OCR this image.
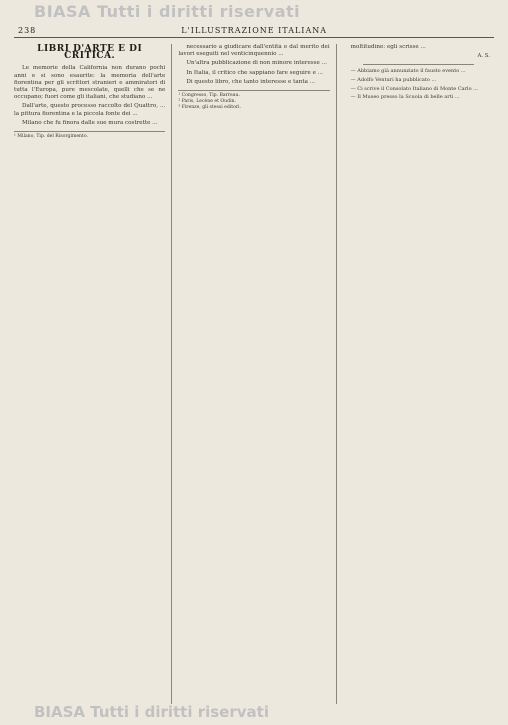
BIASA Tutti i diritti riservati
238	L'ILLUSTRAZIONE ITALIANA
LIBRI D'ARTE E DI CRITICA.

Le memorie della California non durano pochi anni e si sono esaurite: la memoria dell'arte fiorentina per gli scrittori stranieri e ammiratori di tutta l'Europa, pure mescolate, quelli che se ne occupano; fuori come gli italiani, che studiano ...

Dall'arte, questo processo raccolto del Quattro, ... la pittura fiorentina e la piccola fonte dei ...

Milano che fu finora dalle sue mura costrette ...

¹ Milano, Tip. del Risorgimento.

necessario a giudicare dall'entità e dal merito dei lavori eseguiti nel venticinquennio ...

Un'altra pubblicazione di non minore interesse ...

In Italia, il critico che sappiano fare seguire e ...

Di questo libro, che tanto interesse e tanta ...

¹ Congresso, Tip. Barreau.
² Paris, Lecène et Oudin.
³ Firenze, gli stessi editori.

moltitudine: egli scrisse ...

A. S.

— Abbiamo già annunziato il fausto evento ...

— Adolfo Venturi ha pubblicato ...

— Ci scrive il Consolato Italiano di Monte Carlo ...

— Il Museo presso la Scuola di belle arti ...

BIASA Tutti i diritti riservati
